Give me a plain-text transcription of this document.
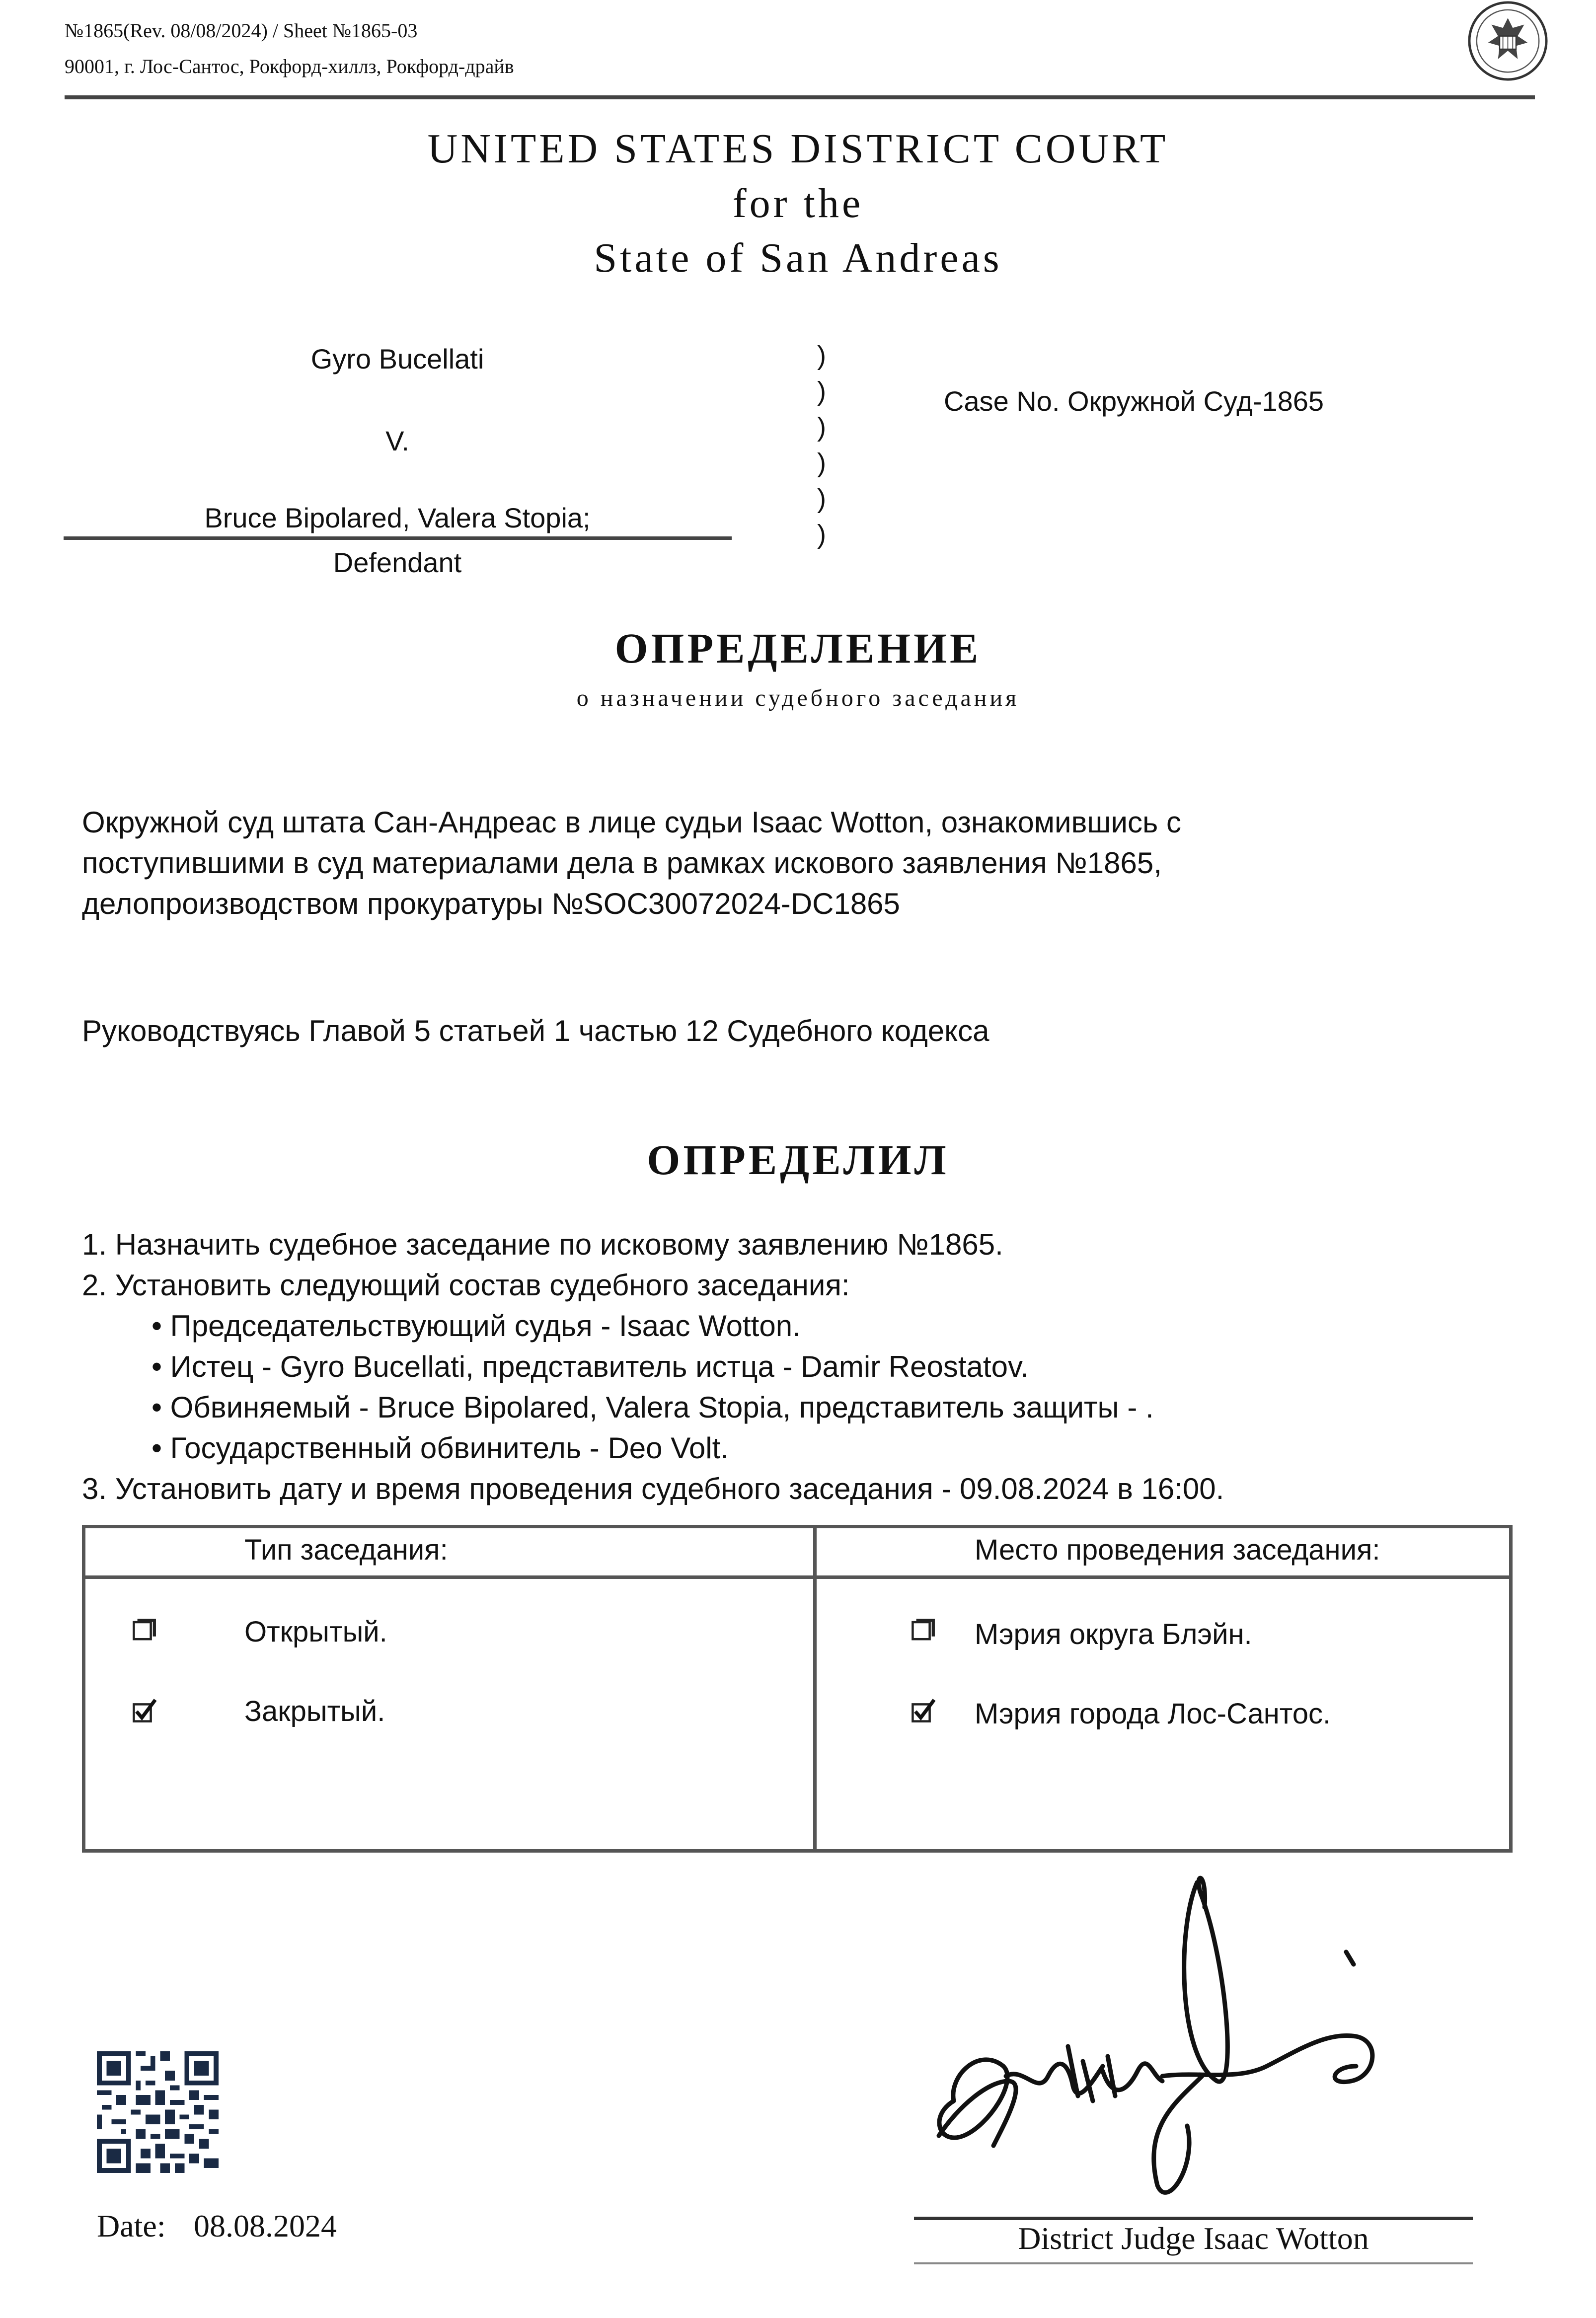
№1865(Rev. 08/08/2024) / Sheet №1865-03
90001, г. Лос-Сантос, Рокфорд-хиллз, Рокфорд-драйв
UNITED STATES DISTRICT COURT
for the
State of San Andreas
Gyro Bucellati
V.
Bruce Bipolared, Valera Stopia;
Defendant
)
)
)
)
)
)
Case No. Окружной Суд-1865
ОПРЕДЕЛЕНИЕ
о назначении судебного заседания
Окружной суд штата Сан-Андреас в лице судьи Isaac Wotton, ознакомившись с
поступившими в суд материалами дела в рамках искового заявления №1865,
делопроизводством прокуратуры №SOC30072024-DC1865
Руководствуясь Главой 5 статьей 1 частью 12 Судебного кодекса
ОПРЕДЕЛИЛ
1. Назначить судебное заседание по исковому заявлению №1865.
2. Установить следующий состав судебного заседания:
• Председательствующий судья - Isaac Wotton.
• Истец - Gyro Bucellati, представитель истца - Damir Reostatov.
• Обвиняемый - Bruce Bipolared, Valera Stopia, представитель защиты - .
• Государственный обвинитель - Deo Volt.
3. Установить дату и время проведения судебного заседания - 09.08.2024 в 16:00.
Тип заседания:	Место проведения заседания:
Открытый.
Закрытый.
Мэрия округа Блэйн.
Мэрия города Лос-Сантос.
Date: 08.08.2024	District Judge Isaac Wotton
